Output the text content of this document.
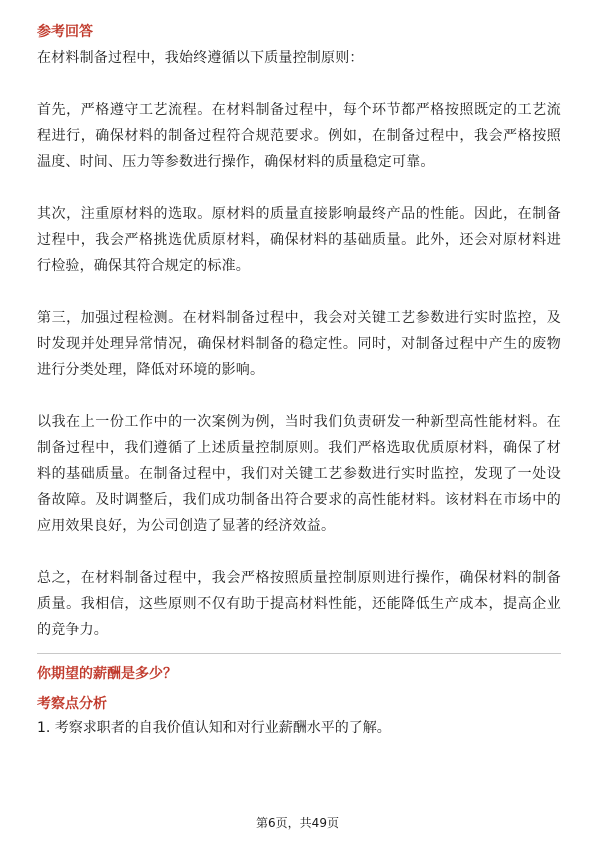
参考回答

在材料制备过程中，我始终遵循以下质量控制原则：

首先，严格遵守工艺流程。在材料制备过程中，每个环节都严格按照既定的工艺流程进行，确保材料的制备过程符合规范要求。例如，在制备过程中，我会严格按照温度、时间、压力等参数进行操作，确保材料的质量稳定可靠。

其次，注重原材料的选取。原材料的质量直接影响最终产品的性能。因此，在制备过程中，我会严格挑选优质原材料，确保材料的基础质量。此外，还会对原材料进行检验，确保其符合规定的标准。

第三，加强过程检测。在材料制备过程中，我会对关键工艺参数进行实时监控，及时发现并处理异常情况，确保材料制备的稳定性。同时，对制备过程中产生的废物进行分类处理，降低对环境的影响。

以我在上一份工作中的一次案例为例，当时我们负责研发一种新型高性能材料。在制备过程中，我们遵循了上述质量控制原则。我们严格选取优质原材料，确保了材料的基础质量。在制备过程中，我们对关键工艺参数进行实时监控，发现了一处设备故障。及时调整后，我们成功制备出符合要求的高性能材料。该材料在市场中的应用效果良好，为公司创造了显著的经济效益。

总之，在材料制备过程中，我会严格按照质量控制原则进行操作，确保材料的制备质量。我相信，这些原则不仅有助于提高材料性能，还能降低生产成本，提高企业的竞争力。

你期望的薪酬是多少？

考察点分析

1. 考察求职者的自我价值认知和对行业薪酬水平的了解。

第6页，共49页
